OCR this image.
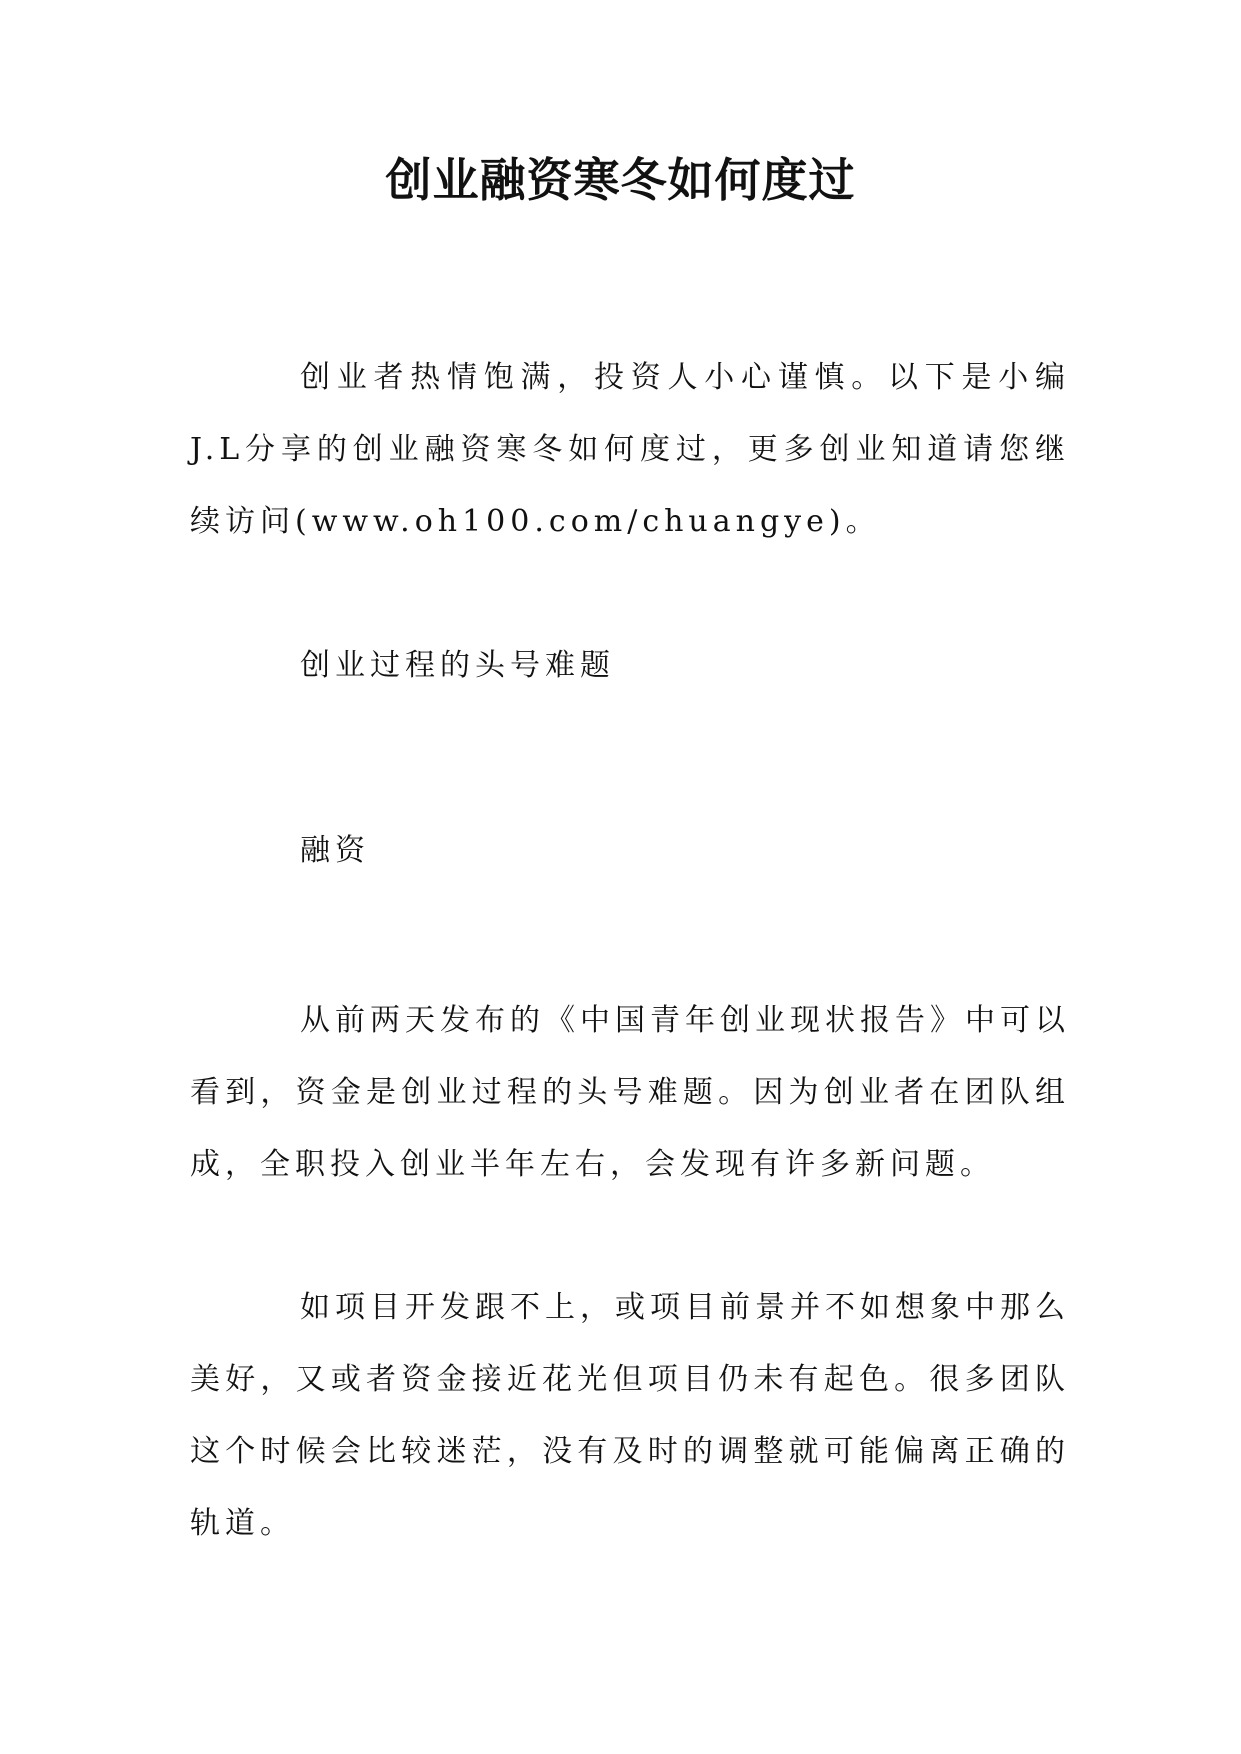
创业融资寒冬如何度过

创业者热情饱满，投资人小心谨慎。以下是小编J.L分享的创业融资寒冬如何度过，更多创业知道请您继续访问(www.oh100.com/chuangye)。

创业过程的头号难题

融资

从前两天发布的《中国青年创业现状报告》中可以看到，资金是创业过程的头号难题。因为创业者在团队组成，全职投入创业半年左右，会发现有许多新问题。

如项目开发跟不上，或项目前景并不如想象中那么美好，又或者资金接近花光但项目仍未有起色。很多团队这个时候会比较迷茫，没有及时的调整就可能偏离正确的轨道。
